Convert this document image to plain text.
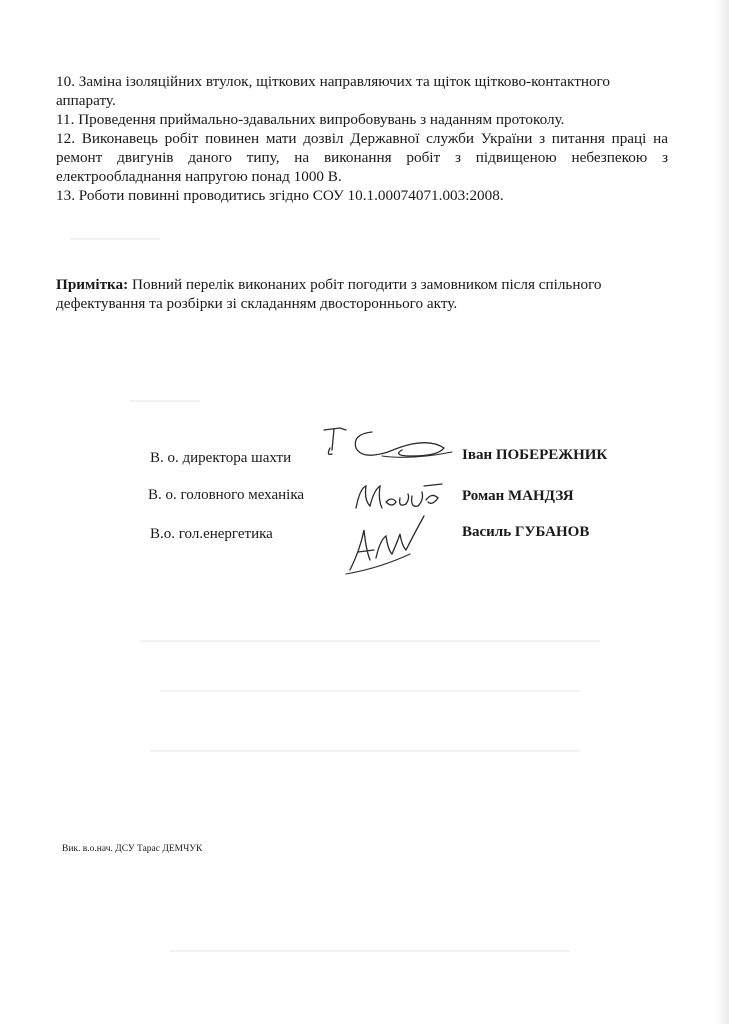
10. Заміна ізоляційних втулок, щіткових направляючих та щіток щітково-контактного аппарату.

11. Проведення приймально-здавальних випробовувань з наданням протоколу.

12. Виконавець робіт повинен мати дозвіл Державної служби України з питання праці на ремонт двигунів даного типу, на виконання робіт з підвищеною небезпекою з електрообладнання напругою понад 1000 В.

13. Роботи повинні проводитись згідно СОУ 10.1.00074071.003:2008.

Примітка: Повний перелік виконаних робіт погодити з замовником після спільного дефектування та розбірки зі складанням двостороннього акту.
В. о. директора шахти	Іван ПОБЕРЕЖНИК
В. о. головного механіка	Роман МАНДЗЯ
В.о. гол.енергетика	Василь ГУБАНОВ
Вик. в.о.нач. ДСУ Тарас ДЕМЧУК
